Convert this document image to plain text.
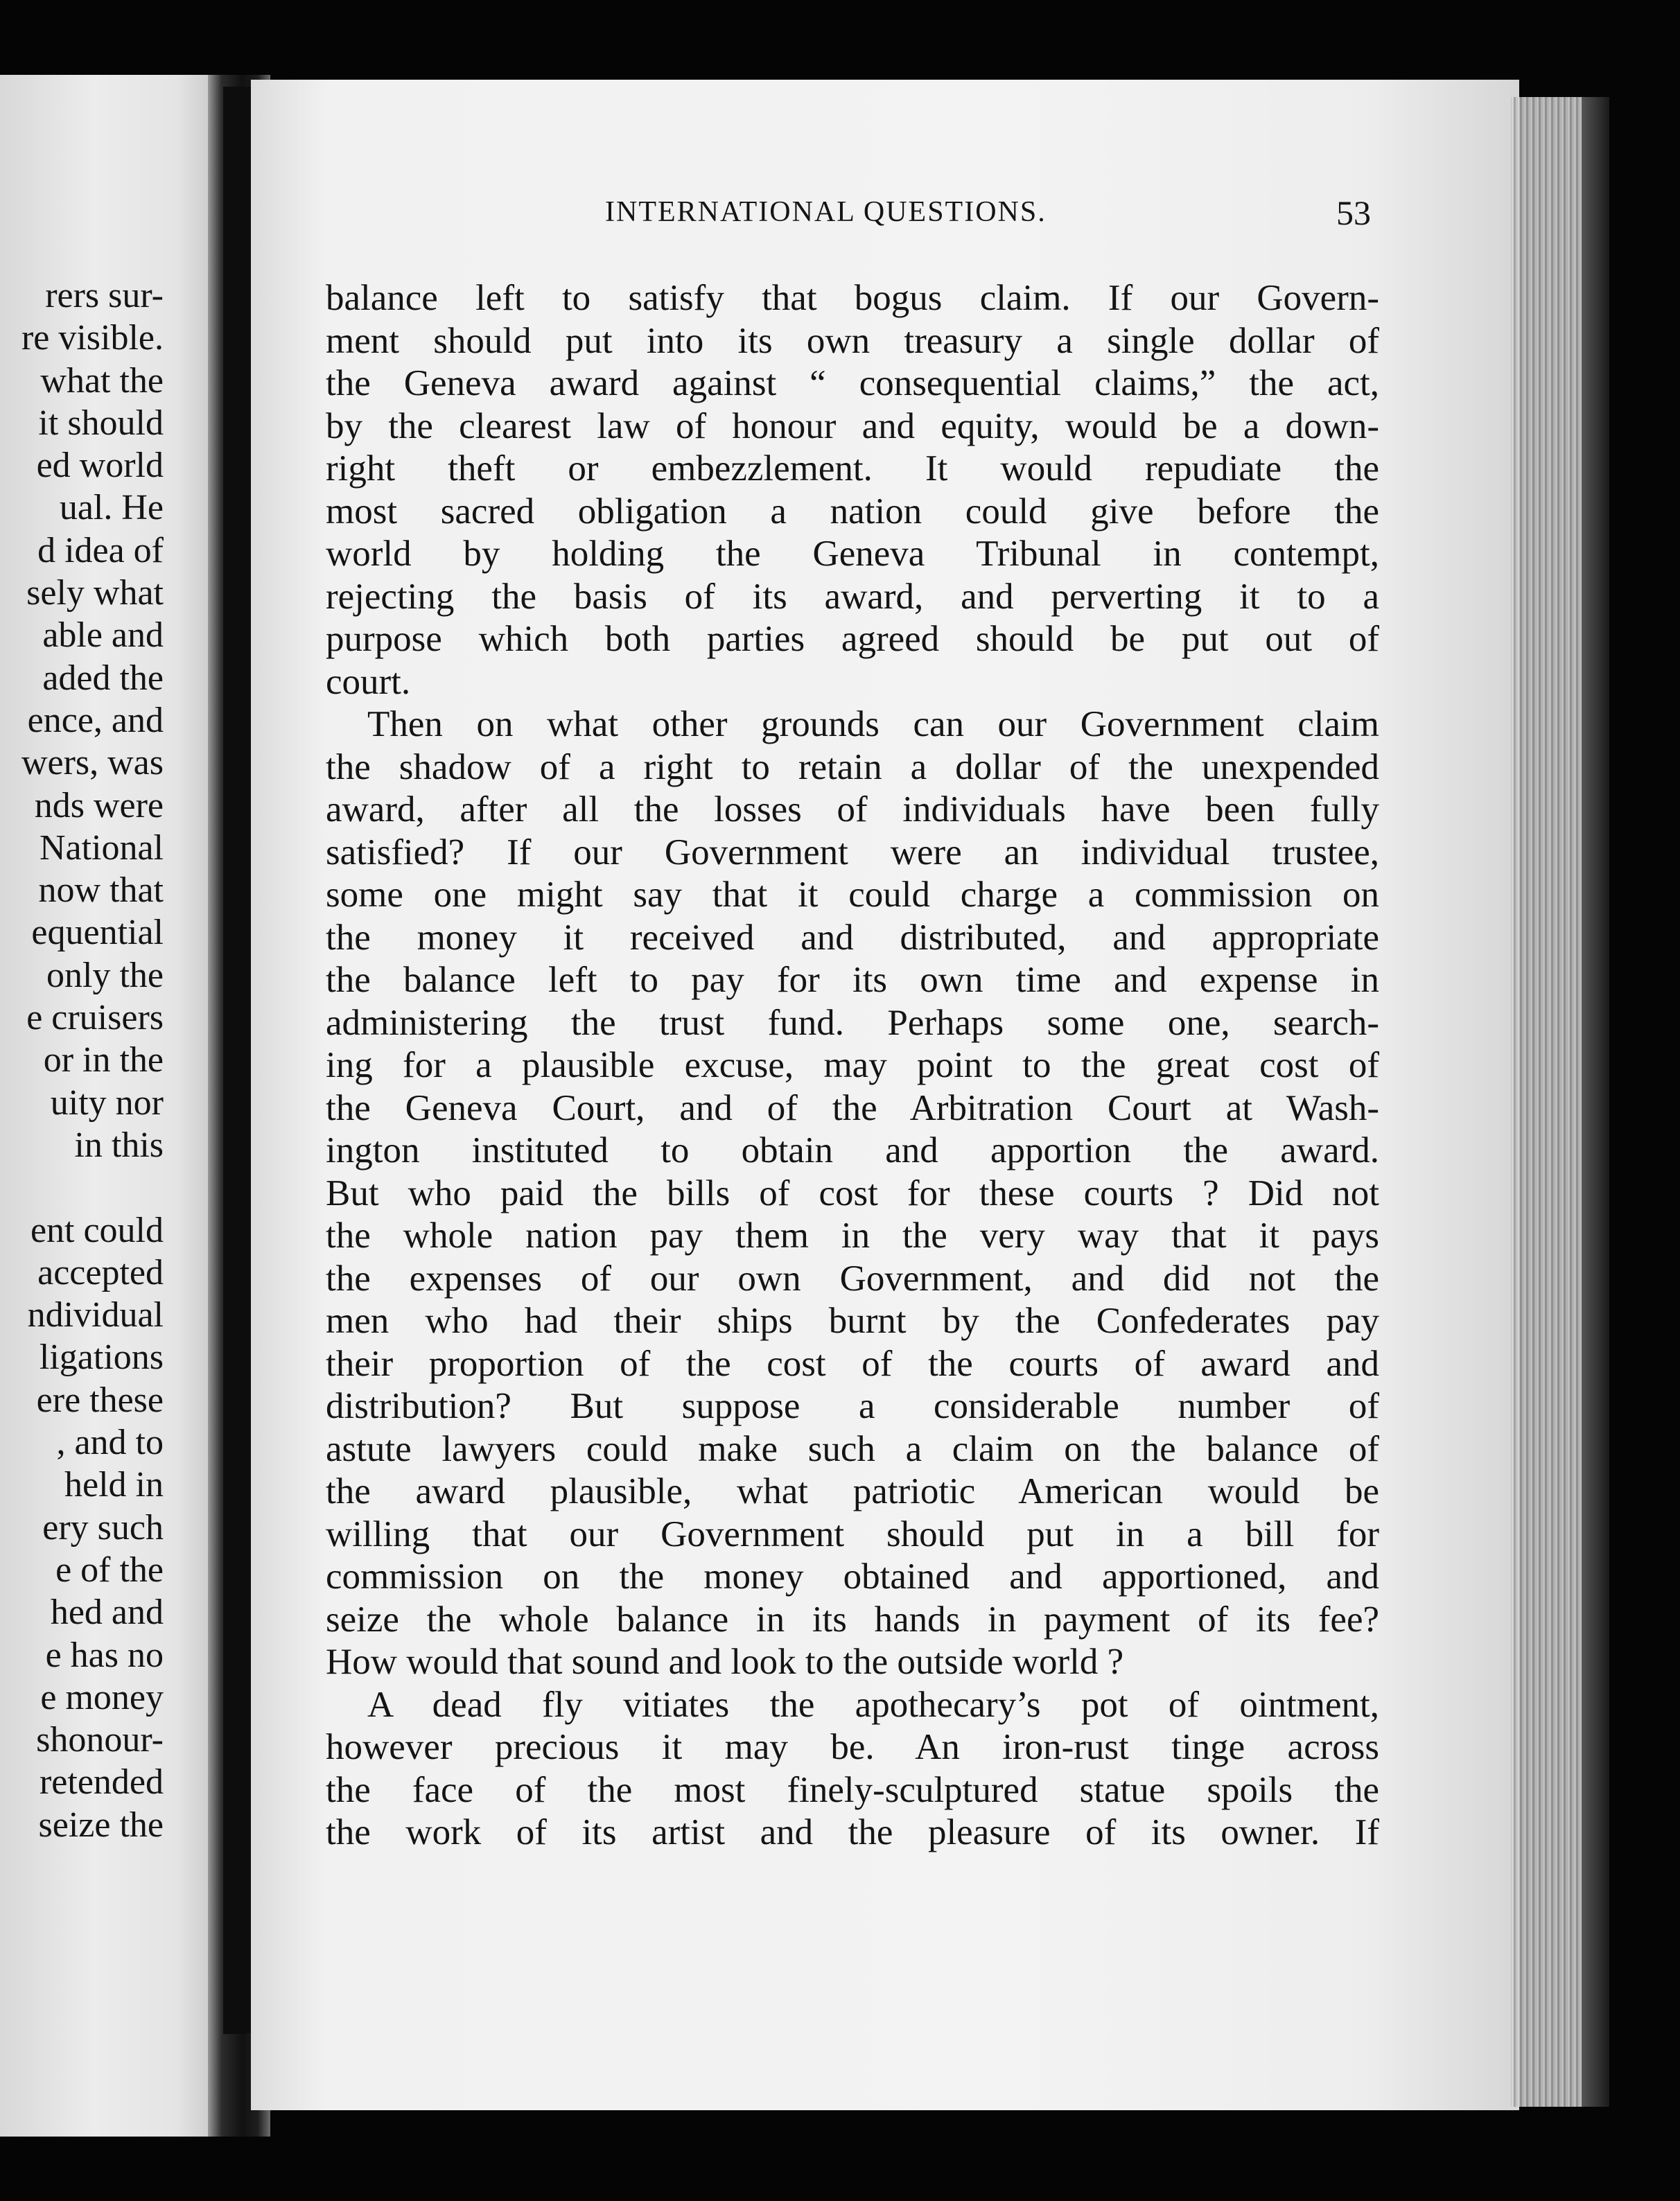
rers sur-
re visible.
what the
it should
ed world
ual. He
d idea of
sely what
able and
aded the
ence, and
wers, was
nds were
National
now that
equential
only the
e cruisers
or in the
uity nor
in this
ent could
accepted
ndividual
ligations
ere these
, and to
held in
ery such
e of the
hed and
e has no
e money
shonour-
retended
seize the
INTERNATIONAL QUESTIONS.	53
balance left to satisfy that bogus claim. If our Govern-
ment should put into its own treasury a single dollar of
the Geneva award against “ consequential claims,” the act,
by the clearest law of honour and equity, would be a down-
right theft or embezzlement. It would repudiate the
most sacred obligation a nation could give before the
world by holding the Geneva Tribunal in contempt,
rejecting the basis of its award, and perverting it to a
purpose which both parties agreed should be put out of
court.
Then on what other grounds can our Government claim
the shadow of a right to retain a dollar of the unexpended
award, after all the losses of individuals have been fully
satisfied? If our Government were an individual trustee,
some one might say that it could charge a commission on
the money it received and distributed, and appropriate
the balance left to pay for its own time and expense in
administering the trust fund. Perhaps some one, search-
ing for a plausible excuse, may point to the great cost of
the Geneva Court, and of the Arbitration Court at Wash-
ington instituted to obtain and apportion the award.
But who paid the bills of cost for these courts ? Did not
the whole nation pay them in the very way that it pays
the expenses of our own Government, and did not the
men who had their ships burnt by the Confederates pay
their proportion of the cost of the courts of award and
distribution? But suppose a considerable number of
astute lawyers could make such a claim on the balance of
the award plausible, what patriotic American would be
willing that our Government should put in a bill for
commission on the money obtained and apportioned, and
seize the whole balance in its hands in payment of its fee?
How would that sound and look to the outside world ?
A dead fly vitiates the apothecary’s pot of ointment,
however precious it may be. An iron-rust tinge across
the face of the most finely-sculptured statue spoils the
the work of its artist and the pleasure of its owner. If
